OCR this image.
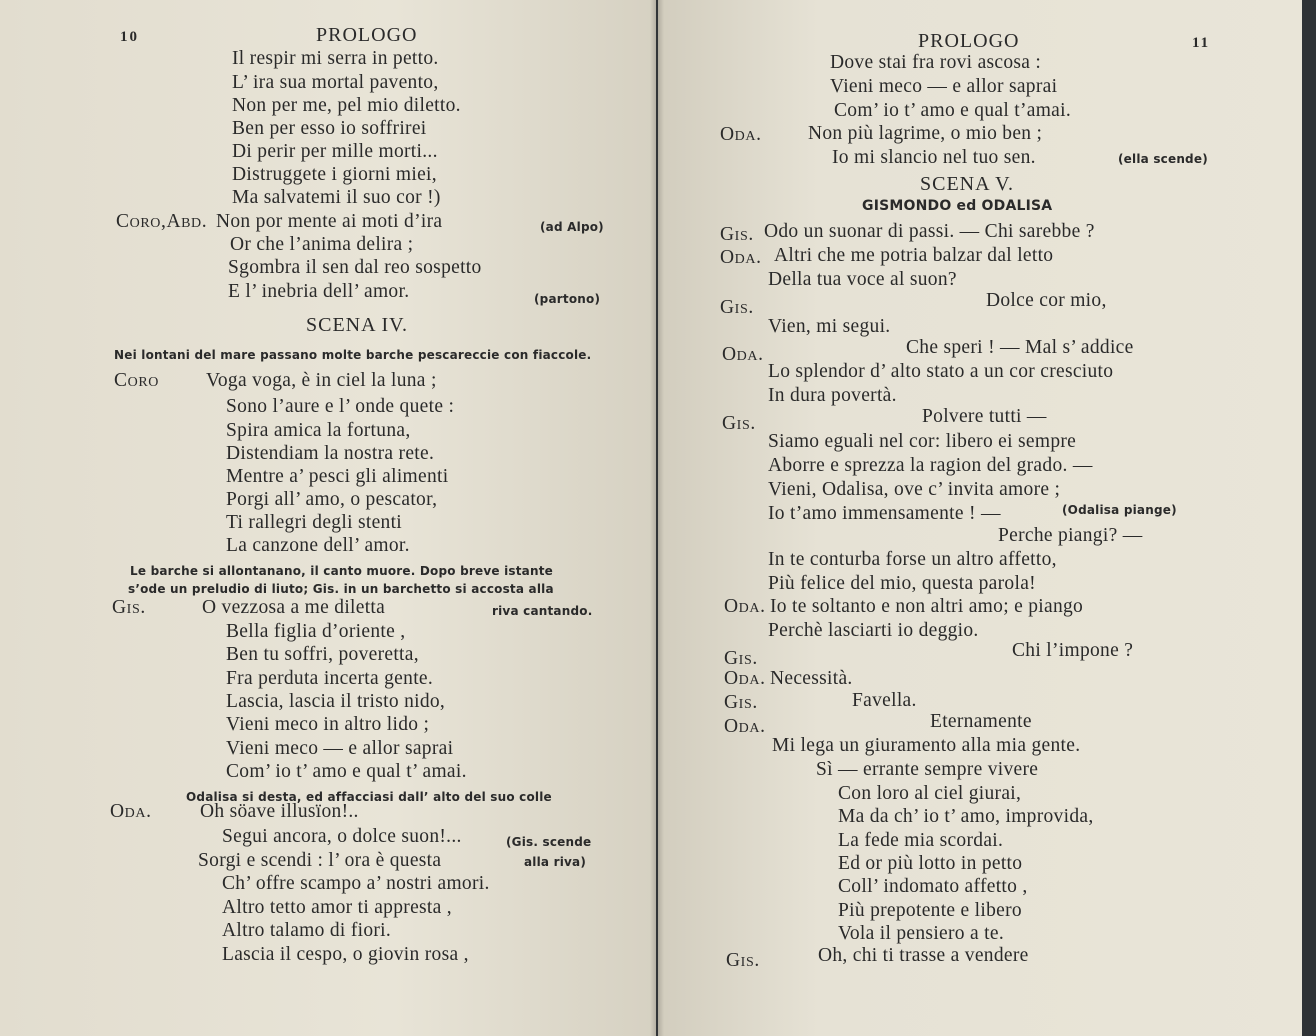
10	PROLOGO
Il respir mi serra in petto.
L’ ira sua mortal pavento,
Non per me, pel mio diletto.
Ben per esso io soffrirei
Di perir per mille morti...
Distruggete i giorni miei,
Ma salvatemi il suo cor !)
Coro,Abd. Non por mente ai moti d’ira	(ad Alpo)
Or che l’anima delira ;
Sgombra il sen dal reo sospetto
E l’ inebria dell’ amor.	(partono)
SCENA IV.
Nei lontani del mare passano molte barche pescareccie con fiaccole.
Coro Voga voga, è in ciel la luna ;
Sono l’aure e l’ onde quete :
Spira amica la fortuna,
Distendiam la nostra rete.
Mentre a’ pesci gli alimenti
Porgi all’ amo, o pescator,
Ti rallegri degli stenti
La canzone dell’ amor.
Le barche si allontanano, il canto muore. Dopo breve istante
s’ode un preludio di liuto; Gis. in un barchetto si accosta alla
Gis.	O vezzosa a me diletta	riva cantando.
Bella figlia d’oriente ,
Ben tu soffri, poveretta,
Fra perduta incerta gente.
Lascia, lascia il tristo nido,
Vieni meco in altro lido ;
Vieni meco — e allor saprai
Com’ io t’ amo e qual t’ amai.
Odalisa si desta, ed affacciasi dall’ alto del suo colle
Oda. Oh söave illusïon!..
Segui ancora, o dolce suon!...	(Gis. scende
Sorgi e scendi : l’ ora è questa	alla riva)
Ch’ offre scampo a’ nostri amori.
Altro tetto amor ti appresta ,
Altro talamo di fiori.
Lascia il cespo, o giovin rosa ,
PROLOGO	11
Dove stai fra rovi ascosa :
Vieni meco — e allor saprai
Com’ io t’ amo e qual t’amai.
Oda. Non più lagrime, o mio ben ;
Io mi slancio nel tuo sen.	(ella scende)
SCENA V.
GISMONDO ed ODALISA
Gis. Odo un suonar di passi. — Chi sarebbe ?
Oda. Altri che me potria balzar dal letto
Della tua voce al suon?
Gis.	Dolce cor mio,
Vien, mi segui.
Oda.	Che speri ! — Mal s’ addice
Lo splendor d’ alto stato a un cor cresciuto
In dura povertà.
Gis.	Polvere tutti —
Siamo eguali nel cor: libero ei sempre
Aborre e sprezza la ragion del grado. —
Vieni, Odalisa, ove c’ invita amore ;
Io t’amo immensamente ! —	(Odalisa piange)
Perche piangi? —
In te conturba forse un altro affetto,
Più felice del mio, questa parola!
Oda. Io te soltanto e non altri amo; e piango
Perchè lasciarti io deggio.
Gis.	Chi l’impone ?
Oda. Necessità.
Gis.	Favella.
Oda.	Eternamente
Mi lega un giuramento alla mia gente.
Sì — errante sempre vivere
Con loro al ciel giurai,
Ma da ch’ io t’ amo, improvida,
La fede mia scordai.
Ed or più lotto in petto
Coll’ indomato affetto ,
Più prepotente e libero
Vola il pensiero a te.
Gis.	Oh, chi ti trasse a vendere
